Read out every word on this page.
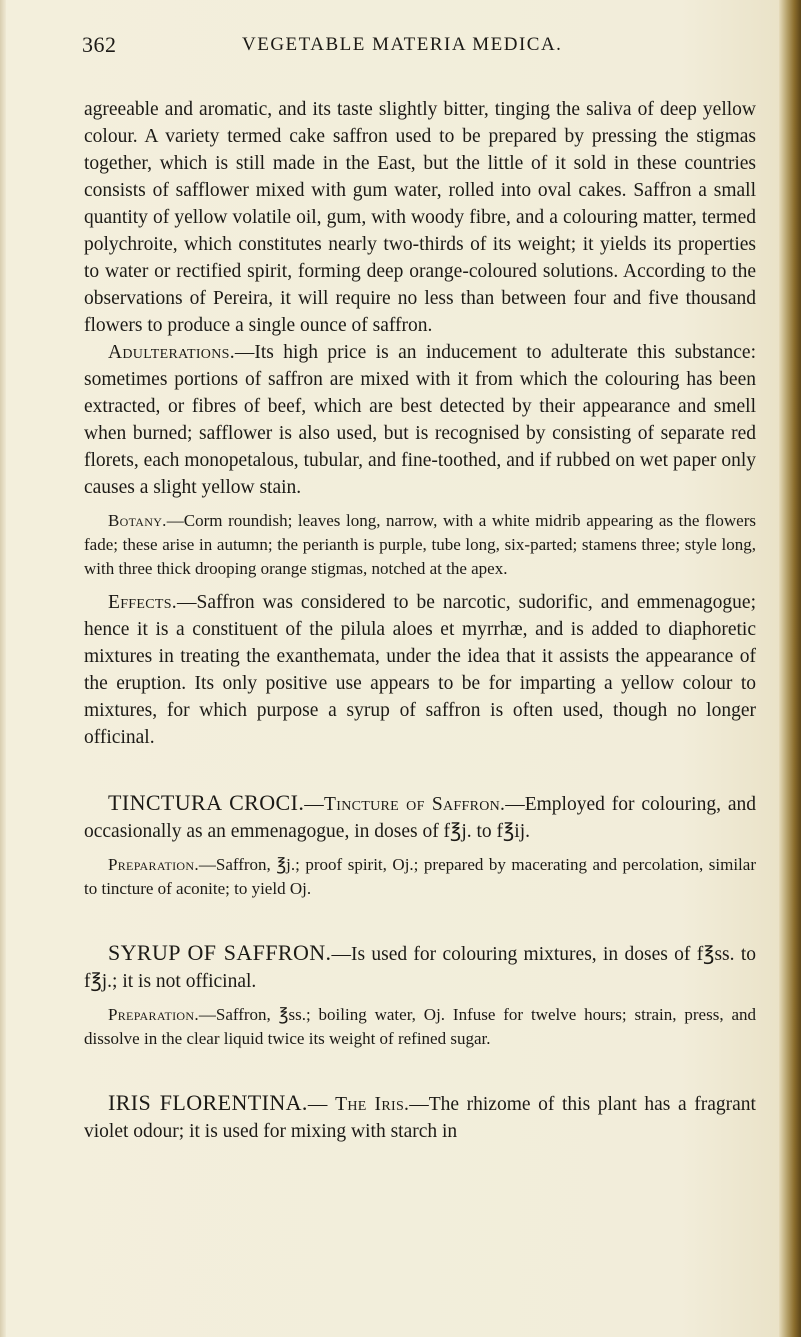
362	VEGETABLE MATERIA MEDICA.

agreeable and aromatic, and its taste slightly bitter, tinging the saliva of deep yellow colour. A variety termed cake saffron used to be prepared by pressing the stigmas together, which is still made in the East, but the little of it sold in these countries consists of safflower mixed with gum water, rolled into oval cakes. Saffron a small quantity of yellow volatile oil, gum, with woody fibre, and a colouring matter, termed polychroite, which constitutes nearly two-thirds of its weight; it yields its properties to water or rectified spirit, forming deep orange-coloured solutions. According to the observations of Pereira, it will require no less than between four and five thousand flowers to produce a single ounce of saffron.

Adulterations.—Its high price is an inducement to adulterate this substance: sometimes portions of saffron are mixed with it from which the colouring has been extracted, or fibres of beef, which are best detected by their appearance and smell when burned; safflower is also used, but is recognised by consisting of separate red florets, each monopetalous, tubular, and fine-toothed, and if rubbed on wet paper only causes a slight yellow stain.

Botany.—Corm roundish; leaves long, narrow, with a white midrib appearing as the flowers fade; these arise in autumn; the perianth is purple, tube long, six-parted; stamens three; style long, with three thick drooping orange stigmas, notched at the apex.

Effects.—Saffron was considered to be narcotic, sudorific, and emmenagogue; hence it is a constituent of the pilula aloes et myrrhæ, and is added to diaphoretic mixtures in treating the exanthemata, under the idea that it assists the appearance of the eruption. Its only positive use appears to be for imparting a yellow colour to mixtures, for which purpose a syrup of saffron is often used, though no longer officinal.

TINCTURA CROCI.—Tincture of Saffron.—Employed for colouring, and occasionally as an emmenagogue, in doses of f℥j. to f℥ij.

Preparation.—Saffron, ℥j.; proof spirit, Oj.; prepared by macerating and percolation, similar to tincture of aconite; to yield Oj.

SYRUP OF SAFFRON.—Is used for colouring mixtures, in doses of f℥ss. to f℥j.; it is not officinal.

Preparation.—Saffron, ℥ss.; boiling water, Oj. Infuse for twelve hours; strain, press, and dissolve in the clear liquid twice its weight of refined sugar.

IRIS FLORENTINA.— The Iris.—The rhizome of this plant has a fragrant violet odour; it is used for mixing with starch in
